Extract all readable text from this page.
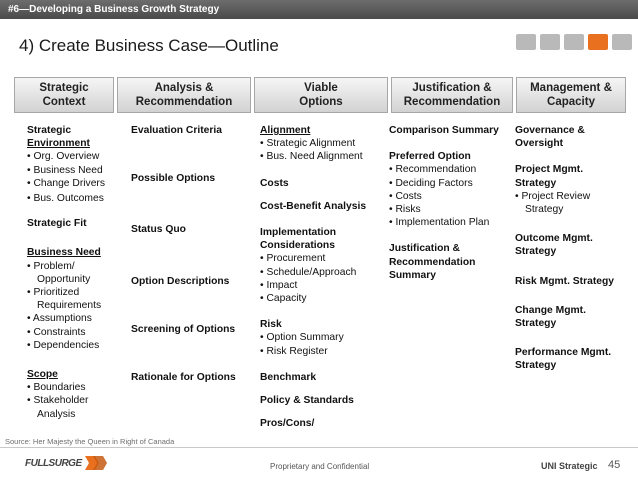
#6—Developing a Business Growth Strategy
4) Create Business Case—Outline
Strategic
Context
Analysis &
Recommendation
Viable
Options
Justification &
Recommendation
Management &
Capacity
Strategic
Environment
• Org. Overview
• Business Need
• Change Drivers
• Bus. Outcomes
Strategic Fit
Business Need
• Problem/ Opportunity
• Prioritized Requirements
• Assumptions
• Constraints
• Dependencies
Scope
• Boundaries
• Stakeholder Analysis
Evaluation Criteria
Possible Options
Status Quo
Option Descriptions
Screening of Options
Rationale for Options
Alignment
• Strategic Alignment
• Bus. Need Alignment
Costs
Cost-Benefit Analysis
Implementation Considerations
• Procurement
• Schedule/Approach
• Impact
• Capacity
Risk
• Option Summary
• Risk Register
Benchmark
Policy & Standards
Pros/Cons/
Comparison Summary
Preferred Option
• Recommendation
• Deciding Factors
• Costs
• Risks
• Implementation Plan
Justification & Recommendation Summary
Governance & Oversight
Project Mgmt. Strategy
• Project Review Strategy
Outcome Mgmt. Strategy
Risk Mgmt. Strategy
Change Mgmt. Strategy
Performance Mgmt. Strategy
Source: Her Majesty the Queen in Right of Canada
FULLSURGE	Proprietary and Confidential	UNI Strategic 45
